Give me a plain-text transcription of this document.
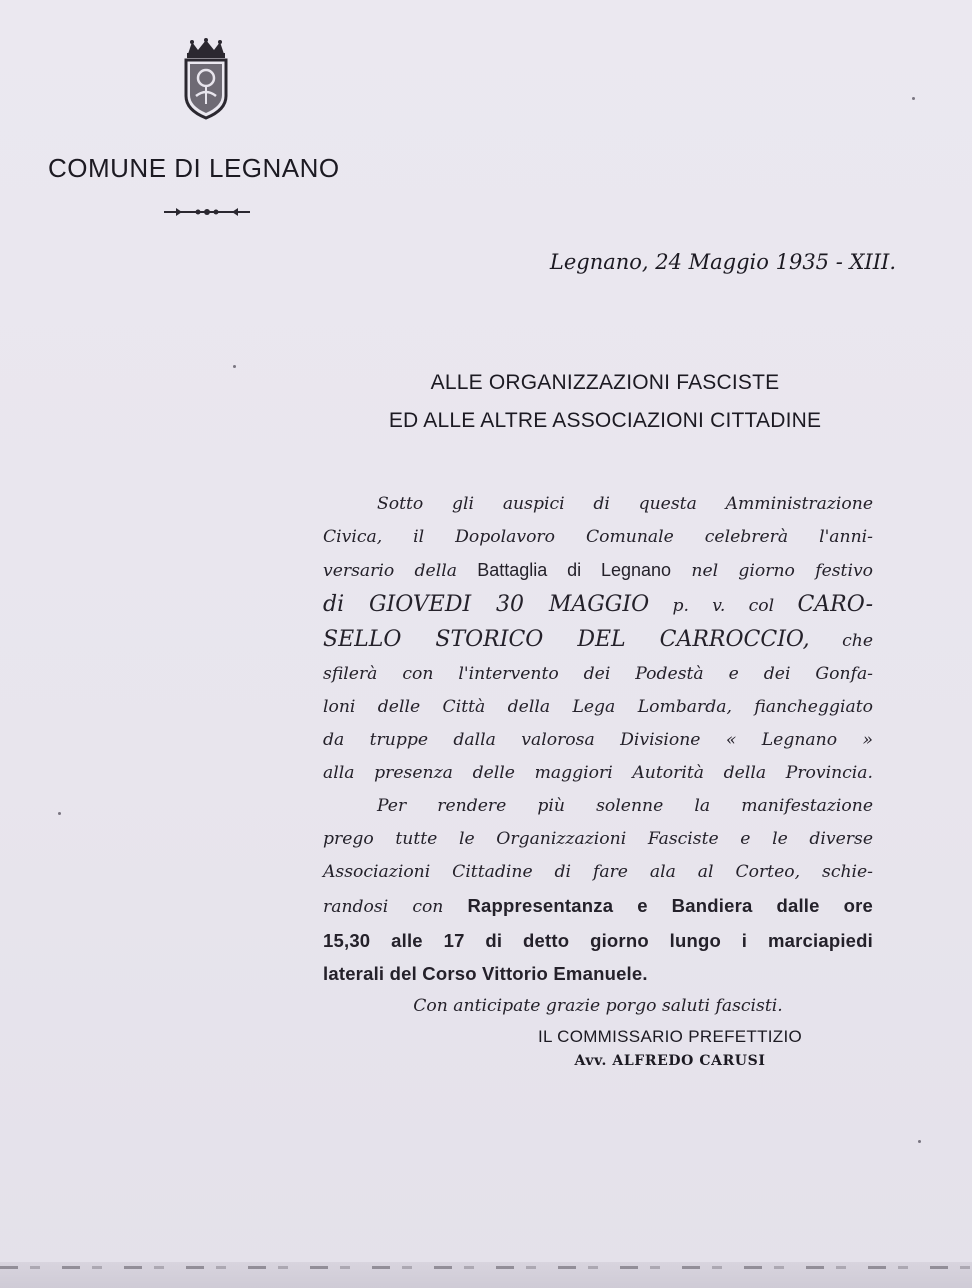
COMUNE DI LEGNANO
Legnano, 24 Maggio 1935 - XIII.
ALLE ORGANIZZAZIONI FASCISTE
ED ALLE ALTRE ASSOCIAZIONI CITTADINE
Sotto gli auspici di questa Amministrazione
Civica, il Dopolavoro Comunale celebrerà l'anni-
versario della Battaglia di Legnano nel giorno festivo
di GIOVEDI 30 MAGGIO p. v. col CARO-
SELLO STORICO DEL CARROCCIO, che
sfilerà con l'intervento dei Podestà e dei Gonfa-
loni delle Città della Lega Lombarda, fiancheggiato
da truppe dalla valorosa Divisione « Legnano »
alla presenza delle maggiori Autorità della Provincia.
Per rendere più solenne la manifestazione
prego tutte le Organizzazioni Fasciste e le diverse
Associazioni Cittadine di fare ala al Corteo, schie-
randosi con Rappresentanza e Bandiera dalle ore
15,30 alle 17 di detto giorno lungo i marciapiedi
laterali del Corso Vittorio Emanuele.
Con anticipate grazie porgo saluti fascisti.
IL COMMISSARIO PREFETTIZIO
Avv. ALFREDO CARUSI
